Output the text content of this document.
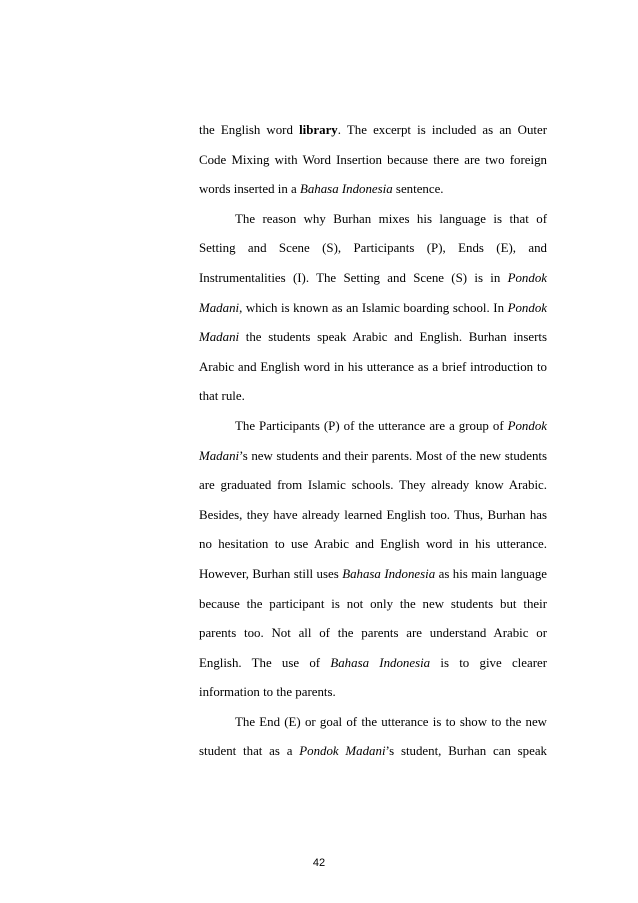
the English word library. The excerpt is included as an Outer Code Mixing with Word Insertion because there are two foreign words inserted in a Bahasa Indonesia sentence.

The reason why Burhan mixes his language is that of Setting and Scene (S), Participants (P), Ends (E), and Instrumentalities (I). The Setting and Scene (S) is in Pondok Madani, which is known as an Islamic boarding school. In Pondok Madani the students speak Arabic and English. Burhan inserts Arabic and English word in his utterance as a brief introduction to that rule.

The Participants (P) of the utterance are a group of Pondok Madani’s new students and their parents. Most of the new students are graduated from Islamic schools. They already know Arabic. Besides, they have already learned English too. Thus, Burhan has no hesitation to use Arabic and English word in his utterance. However, Burhan still uses Bahasa Indonesia as his main language because the participant is not only the new students but their parents too. Not all of the parents are understand Arabic or English. The use of Bahasa Indonesia is to give clearer information to the parents.

The End (E) or goal of the utterance is to show to the new student that as a Pondok Madani’s student, Burhan can speak

42
